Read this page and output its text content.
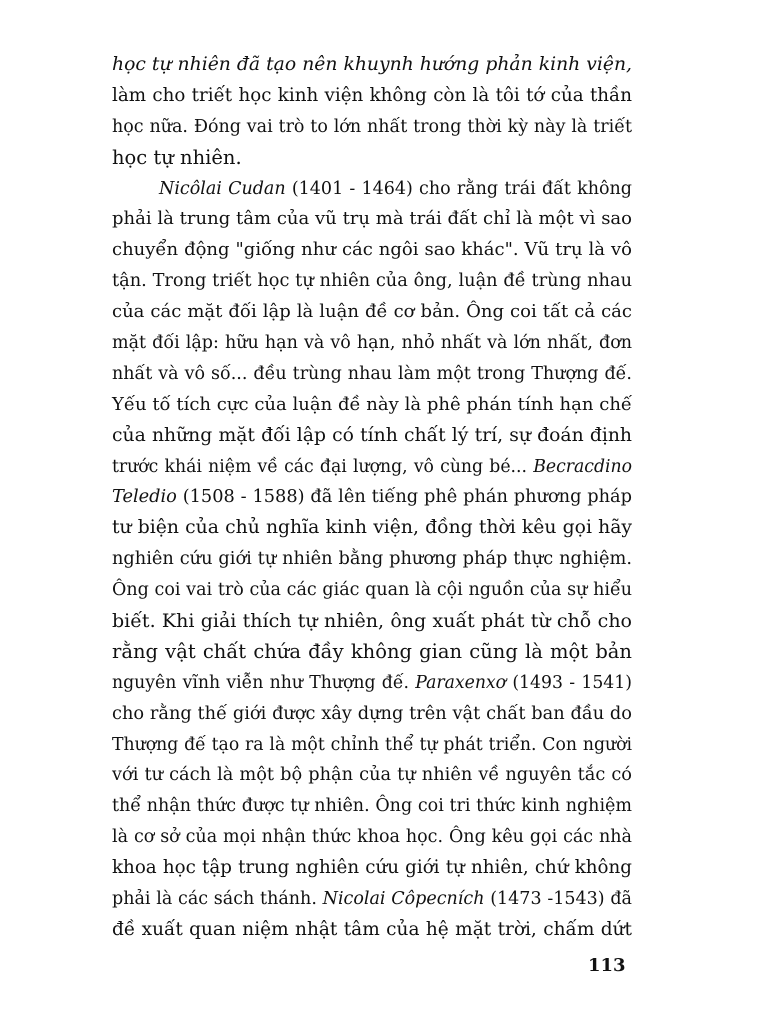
học tự nhiên đã tạo nên khuynh hướng phản kinh viện,
làm cho triết học kinh viện không còn là tôi tớ của thần
học nữa. Đóng vai trò to lớn nhất trong thời kỳ này là triết
học tự nhiên.
Nicôlai Cudan (1401 - 1464) cho rằng trái đất không
phải là trung tâm của vũ trụ mà trái đất chỉ là một vì sao
chuyển động "giống như các ngôi sao khác". Vũ trụ là vô
tận. Trong triết học tự nhiên của ông, luận đề trùng nhau
của các mặt đối lập là luận đề cơ bản. Ông coi tất cả các
mặt đối lập: hữu hạn và vô hạn, nhỏ nhất và lớn nhất, đơn
nhất và vô số... đều trùng nhau làm một trong Thượng đế.
Yếu tố tích cực của luận đề này là phê phán tính hạn chế
của những mặt đối lập có tính chất lý trí, sự đoán định
trước khái niệm về các đại lượng, vô cùng bé... Becracdino
Teledio (1508 - 1588) đã lên tiếng phê phán phương pháp
tư biện của chủ nghĩa kinh viện, đồng thời kêu gọi hãy
nghiên cứu giới tự nhiên bằng phương pháp thực nghiệm.
Ông coi vai trò của các giác quan là cội nguồn của sự hiểu
biết. Khi giải thích tự nhiên, ông xuất phát từ chỗ cho
rằng vật chất chứa đầy không gian cũng là một bản
nguyên vĩnh viễn như Thượng đế. Paraxenxơ (1493 - 1541)
cho rằng thế giới được xây dựng trên vật chất ban đầu do
Thượng đế tạo ra là một chỉnh thể tự phát triển. Con người
với tư cách là một bộ phận của tự nhiên về nguyên tắc có
thể nhận thức được tự nhiên. Ông coi tri thức kinh nghiệm
là cơ sở của mọi nhận thức khoa học. Ông kêu gọi các nhà
khoa học tập trung nghiên cứu giới tự nhiên, chứ không
phải là các sách thánh. Nicolai Côpecních (1473 -1543) đã
đề xuất quan niệm nhật tâm của hệ mặt trời, chấm dứt
113
